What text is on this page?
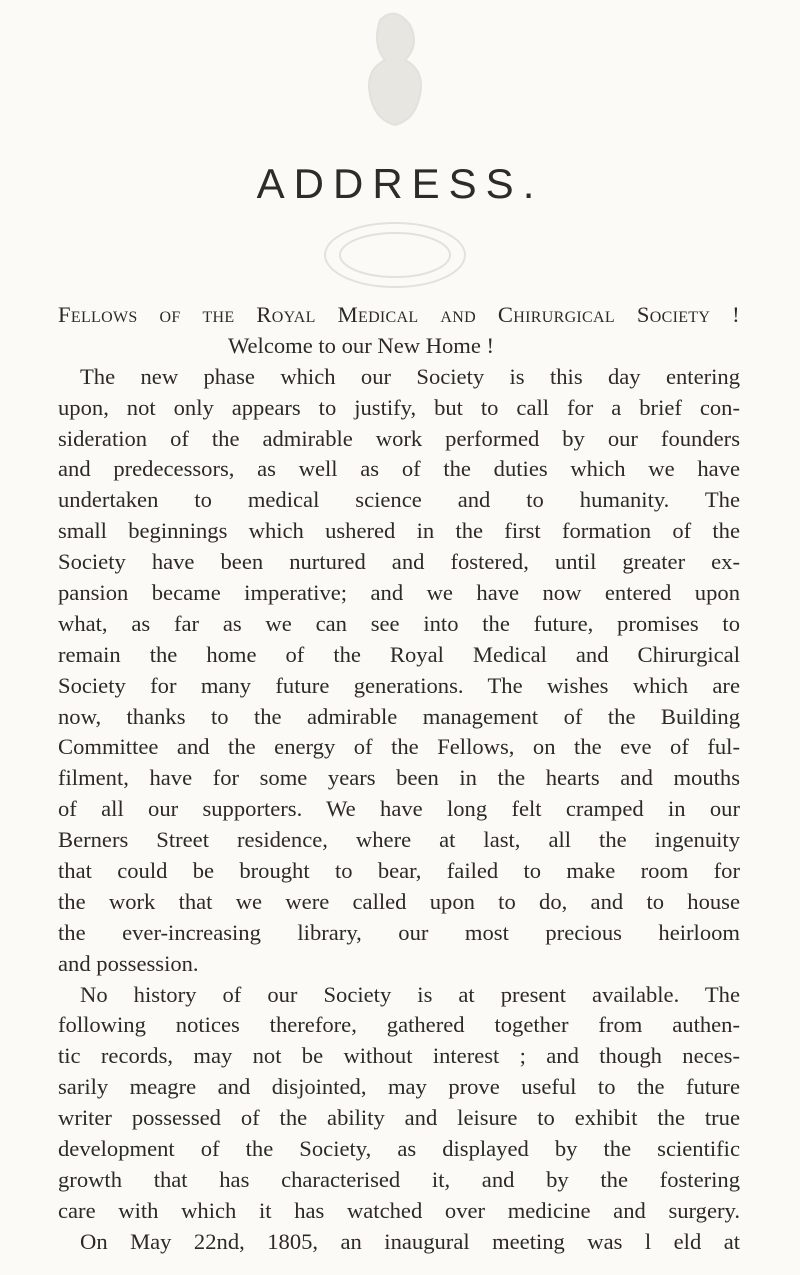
ADDRESS.
Fellows of the Royal Medical and Chirurgical Society !
Welcome to our New Home !
The new phase which our Society is this day entering
upon, not only appears to justify, but to call for a brief con-
sideration of the admirable work performed by our founders
and predecessors, as well as of the duties which we have
undertaken to medical science and to humanity. The
small beginnings which ushered in the first formation of the
Society have been nurtured and fostered, until greater ex-
pansion became imperative; and we have now entered upon
what, as far as we can see into the future, promises to
remain the home of the Royal Medical and Chirurgical
Society for many future generations. The wishes which are
now, thanks to the admirable management of the Building
Committee and the energy of the Fellows, on the eve of ful-
filment, have for some years been in the hearts and mouths
of all our supporters. We have long felt cramped in our
Berners Street residence, where at last, all the ingenuity
that could be brought to bear, failed to make room for
the work that we were called upon to do, and to house
the ever-increasing library, our most precious heirloom
and possession.
No history of our Society is at present available. The
following notices therefore, gathered together from authen-
tic records, may not be without interest ; and though neces-
sarily meagre and disjointed, may prove useful to the future
writer possessed of the ability and leisure to exhibit the true
development of the Society, as displayed by the scientific
growth that has characterised it, and by the fostering
care with which it has watched over medicine and surgery.
On May 22nd, 1805, an inaugural meeting was l eld at
